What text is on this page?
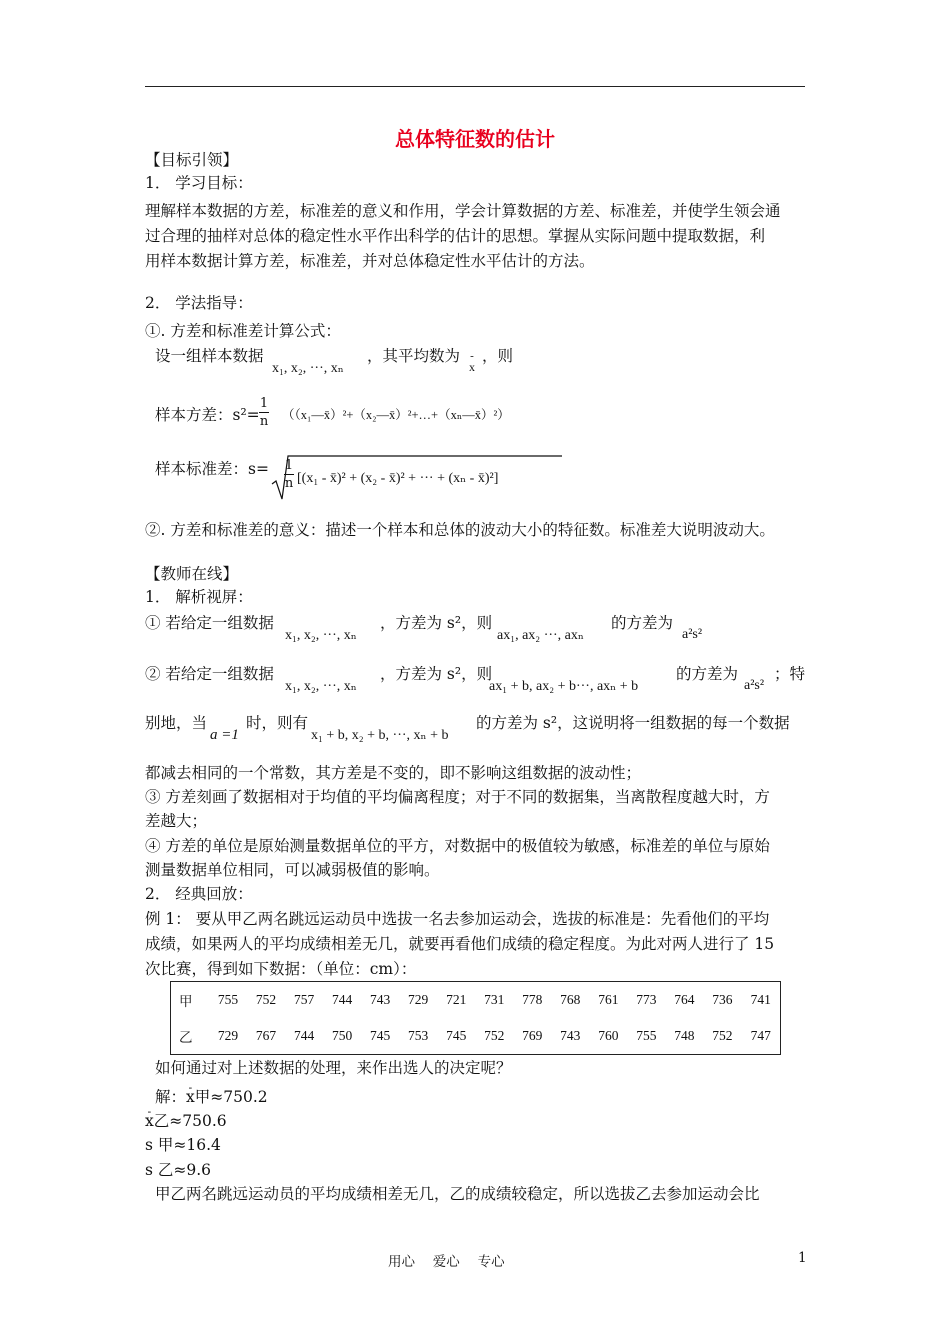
总体特征数的估计
【目标引领】
1． 学习目标：
理解样本数据的方差，标准差的意义和作用，学会计算数据的方差、标准差，并使学生领会通
过合理的抽样对总体的稳定性水平作出科学的估计的思想。掌握从实际问题中提取数据，利
用样本数据计算方差，标准差，并对总体稳定性水平估计的方法。
2． 学法指导：
①. 方差和标准差计算公式：
设一组样本数据
x₁, x₂, ···, xₙ
，其平均数为
- x
，则
样本方差：s²=
1
n （（x₁—x̄）²+（x₂—x̄）²+…+（xₙ—x̄）²）
样本标准差：s= 1
n [(x₁ - x̄)² + (x₂ - x̄)² + ··· + (xₙ - x̄)²]
②. 方差和标准差的意义：描述一个样本和总体的波动大小的特征数。标准差大说明波动大。
【教师在线】
1． 解析视屏：
① 若给定一组数据
x₁, x₂, ···, xₙ
，方差为 s²，则
ax₁, ax₂ ···, axₙ
的方差为
a²s²
② 若给定一组数据
x₁, x₂, ···, xₙ
，方差为 s²，则
ax₁ + b, ax₂ + b···, axₙ + b
的方差为
a²s²
；特
别地，当
a =1
时，则有
x₁ + b, x₂ + b, ···, xₙ + b
的方差为 s²，这说明将一组数据的每一个数据
都减去相同的一个常数，其方差是不变的，即不影响这组数据的波动性；
③ 方差刻画了数据相对于均值的平均偏离程度；对于不同的数据集，当离散程度越大时，方
差越大；
④ 方差的单位是原始测量数据单位的平方，对数据中的极值较为敏感，标准差的单位与原始
测量数据单位相同，可以减弱极值的影响。
2． 经典回放：
例 1： 要从甲乙两名跳远运动员中选拔一名去参加运动会，选拔的标准是：先看他们的平均
成绩，如果两人的平均成绩相差无几，就要再看他们成绩的稳定程度。为此对两人进行了 15
次比赛，得到如下数据：（单位：cm）：
甲	755	752	757	744	743	729	721	731	778	768	761	773	764	736	741
乙	729	767	744	750	745	753	745	752	769	743	760	755	748	752	747
如何通过对上述数据的处理，来作出选人的决定呢？
解： - x甲≈750.2
- x乙≈750.6
s 甲≈16.4
s 乙≈9.6
甲乙两名跳远运动员的平均成绩相差无几，乙的成绩较稳定，所以选拔乙去参加运动会比
用心　 爱心　 专心	1
